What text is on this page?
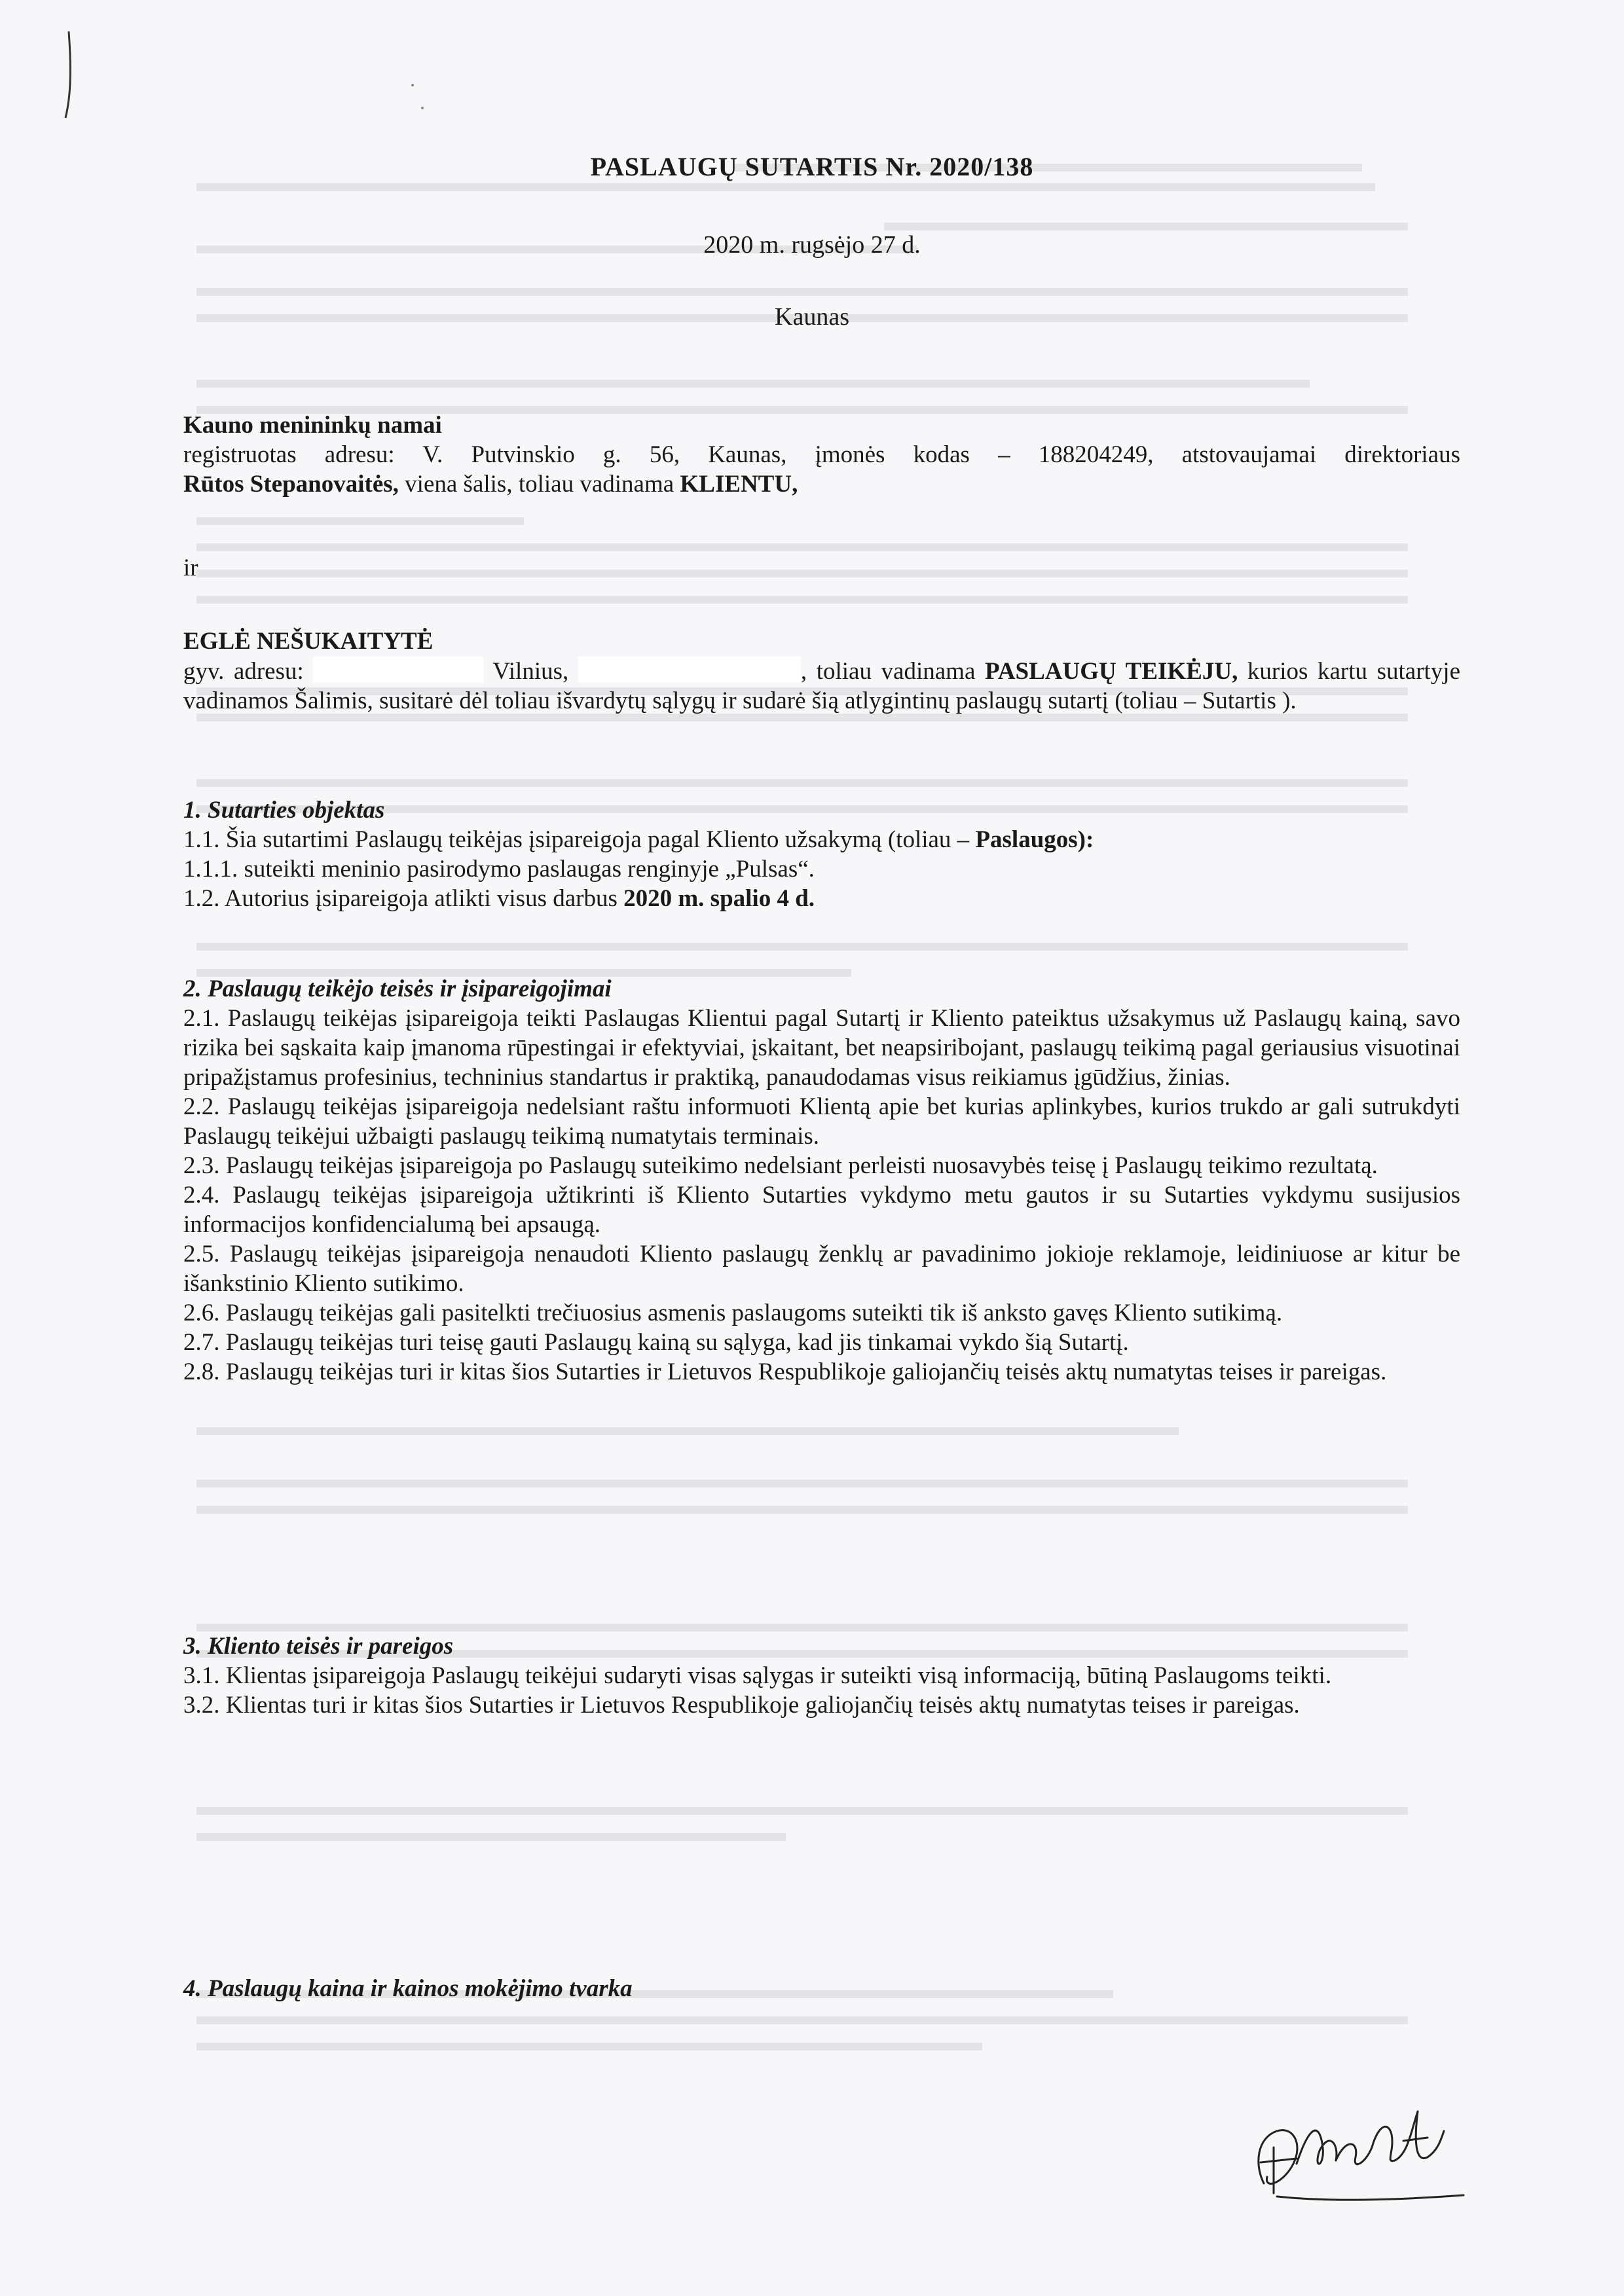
PASLAUGŲ SUTARTIS Nr. 2020/138
2020 m. rugsėjo 27 d.
Kaunas
Kauno menininkų namai

registruotas adresu: V. Putvinskio g. 56, Kaunas, įmonės kodas – 188204249, atstovaujamai direktoriaus

Rūtos Stepanovaitės, viena šalis, toliau vadinama KLIENTU,

ir
EGLĖ NEŠUKAITYTĖ

gyv. adresu:	Vilnius,	, toliau vadinama PASLAUGŲ TEIKĖJU, kurios kartu sutartyje vadinamos Šalimis, susitarė dėl toliau išvardytų sąlygų ir sudarė šią atlygintinų paslaugų sutartį (toliau – Sutartis ).

1. Sutarties objektas

1.1. Šia sutartimi Paslaugų teikėjas įsipareigoja pagal Kliento užsakymą (toliau – Paslaugos):

1.1.1. suteikti meninio pasirodymo paslaugas renginyje „Pulsas“.

1.2. Autorius įsipareigoja atlikti visus darbus 2020 m. spalio 4 d.

2. Paslaugų teikėjo teisės ir įsipareigojimai

2.1. Paslaugų teikėjas įsipareigoja teikti Paslaugas Klientui pagal Sutartį ir Kliento pateiktus užsakymus už Paslaugų kainą, savo rizika bei sąskaita kaip įmanoma rūpestingai ir efektyviai, įskaitant, bet neapsiribojant, paslaugų teikimą pagal geriausius visuotinai pripažįstamus profesinius, techninius standartus ir praktiką, panaudodamas visus reikiamus įgūdžius, žinias.

2.2. Paslaugų teikėjas įsipareigoja nedelsiant raštu informuoti Klientą apie bet kurias aplinkybes, kurios trukdo ar gali sutrukdyti Paslaugų teikėjui užbaigti paslaugų teikimą numatytais terminais.

2.3. Paslaugų teikėjas įsipareigoja po Paslaugų suteikimo nedelsiant perleisti nuosavybės teisę į Paslaugų teikimo rezultatą.

2.4. Paslaugų teikėjas įsipareigoja užtikrinti iš Kliento Sutarties vykdymo metu gautos ir su Sutarties vykdymu susijusios informacijos konfidencialumą bei apsaugą.

2.5. Paslaugų teikėjas įsipareigoja nenaudoti Kliento paslaugų ženklų ar pavadinimo jokioje reklamoje, leidiniuose ar kitur be išankstinio Kliento sutikimo.

2.6. Paslaugų teikėjas gali pasitelkti trečiuosius asmenis paslaugoms suteikti tik iš anksto gavęs Kliento sutikimą.

2.7. Paslaugų teikėjas turi teisę gauti Paslaugų kainą su sąlyga, kad jis tinkamai vykdo šią Sutartį.

2.8. Paslaugų teikėjas turi ir kitas šios Sutarties ir Lietuvos Respublikoje galiojančių teisės aktų numatytas teises ir pareigas.

3. Kliento teisės ir pareigos

3.1. Klientas įsipareigoja Paslaugų teikėjui sudaryti visas sąlygas ir suteikti visą informaciją, būtiną Paslaugoms teikti.

3.2. Klientas turi ir kitas šios Sutarties ir Lietuvos Respublikoje galiojančių teisės aktų numatytas teises ir pareigas.

4. Paslaugų kaina ir kainos mokėjimo tvarka
